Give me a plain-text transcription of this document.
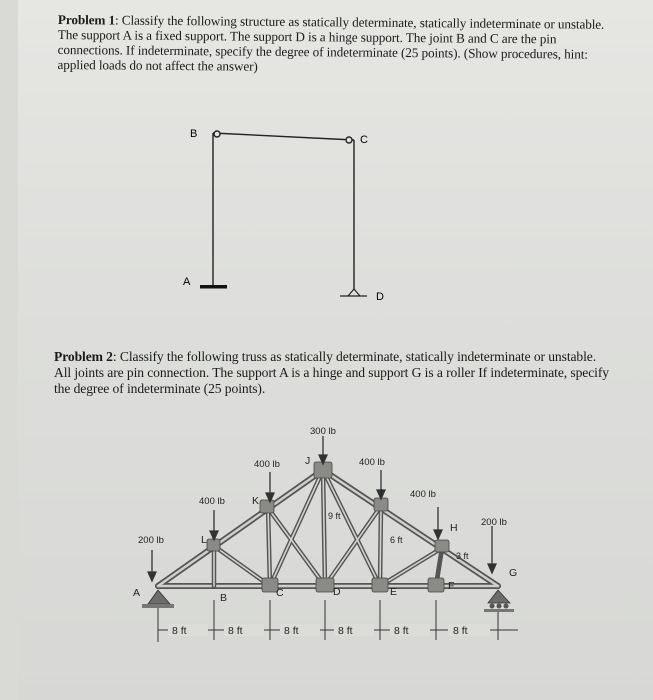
Problem 1: Classify the following structure as statically determinate, statically indeterminate or unstable. The support A is a fixed support. The support D is a hinge support. The joint B and C are the pin connections. If indeterminate, specify the degree of indeterminate (25 points). (Show procedures, hint: applied loads do not affect the answer)

Problem 2: Classify the following truss as statically determinate, statically indeterminate or unstable. All joints are pin connection. The support A is a hinge and support G is a roller If indeterminate, specify the degree of indeterminate (25 points).

B	C
A
D
200 lb
400 lb
400 lb
300 lb
400 lb
400 lb
200 lb
9 ft
6 ft
3 ft
A	B	C	D	E	F
G
H
I
J
K
L
8 ft	8 ft	8 ft	8 ft	8 ft	8 ft
